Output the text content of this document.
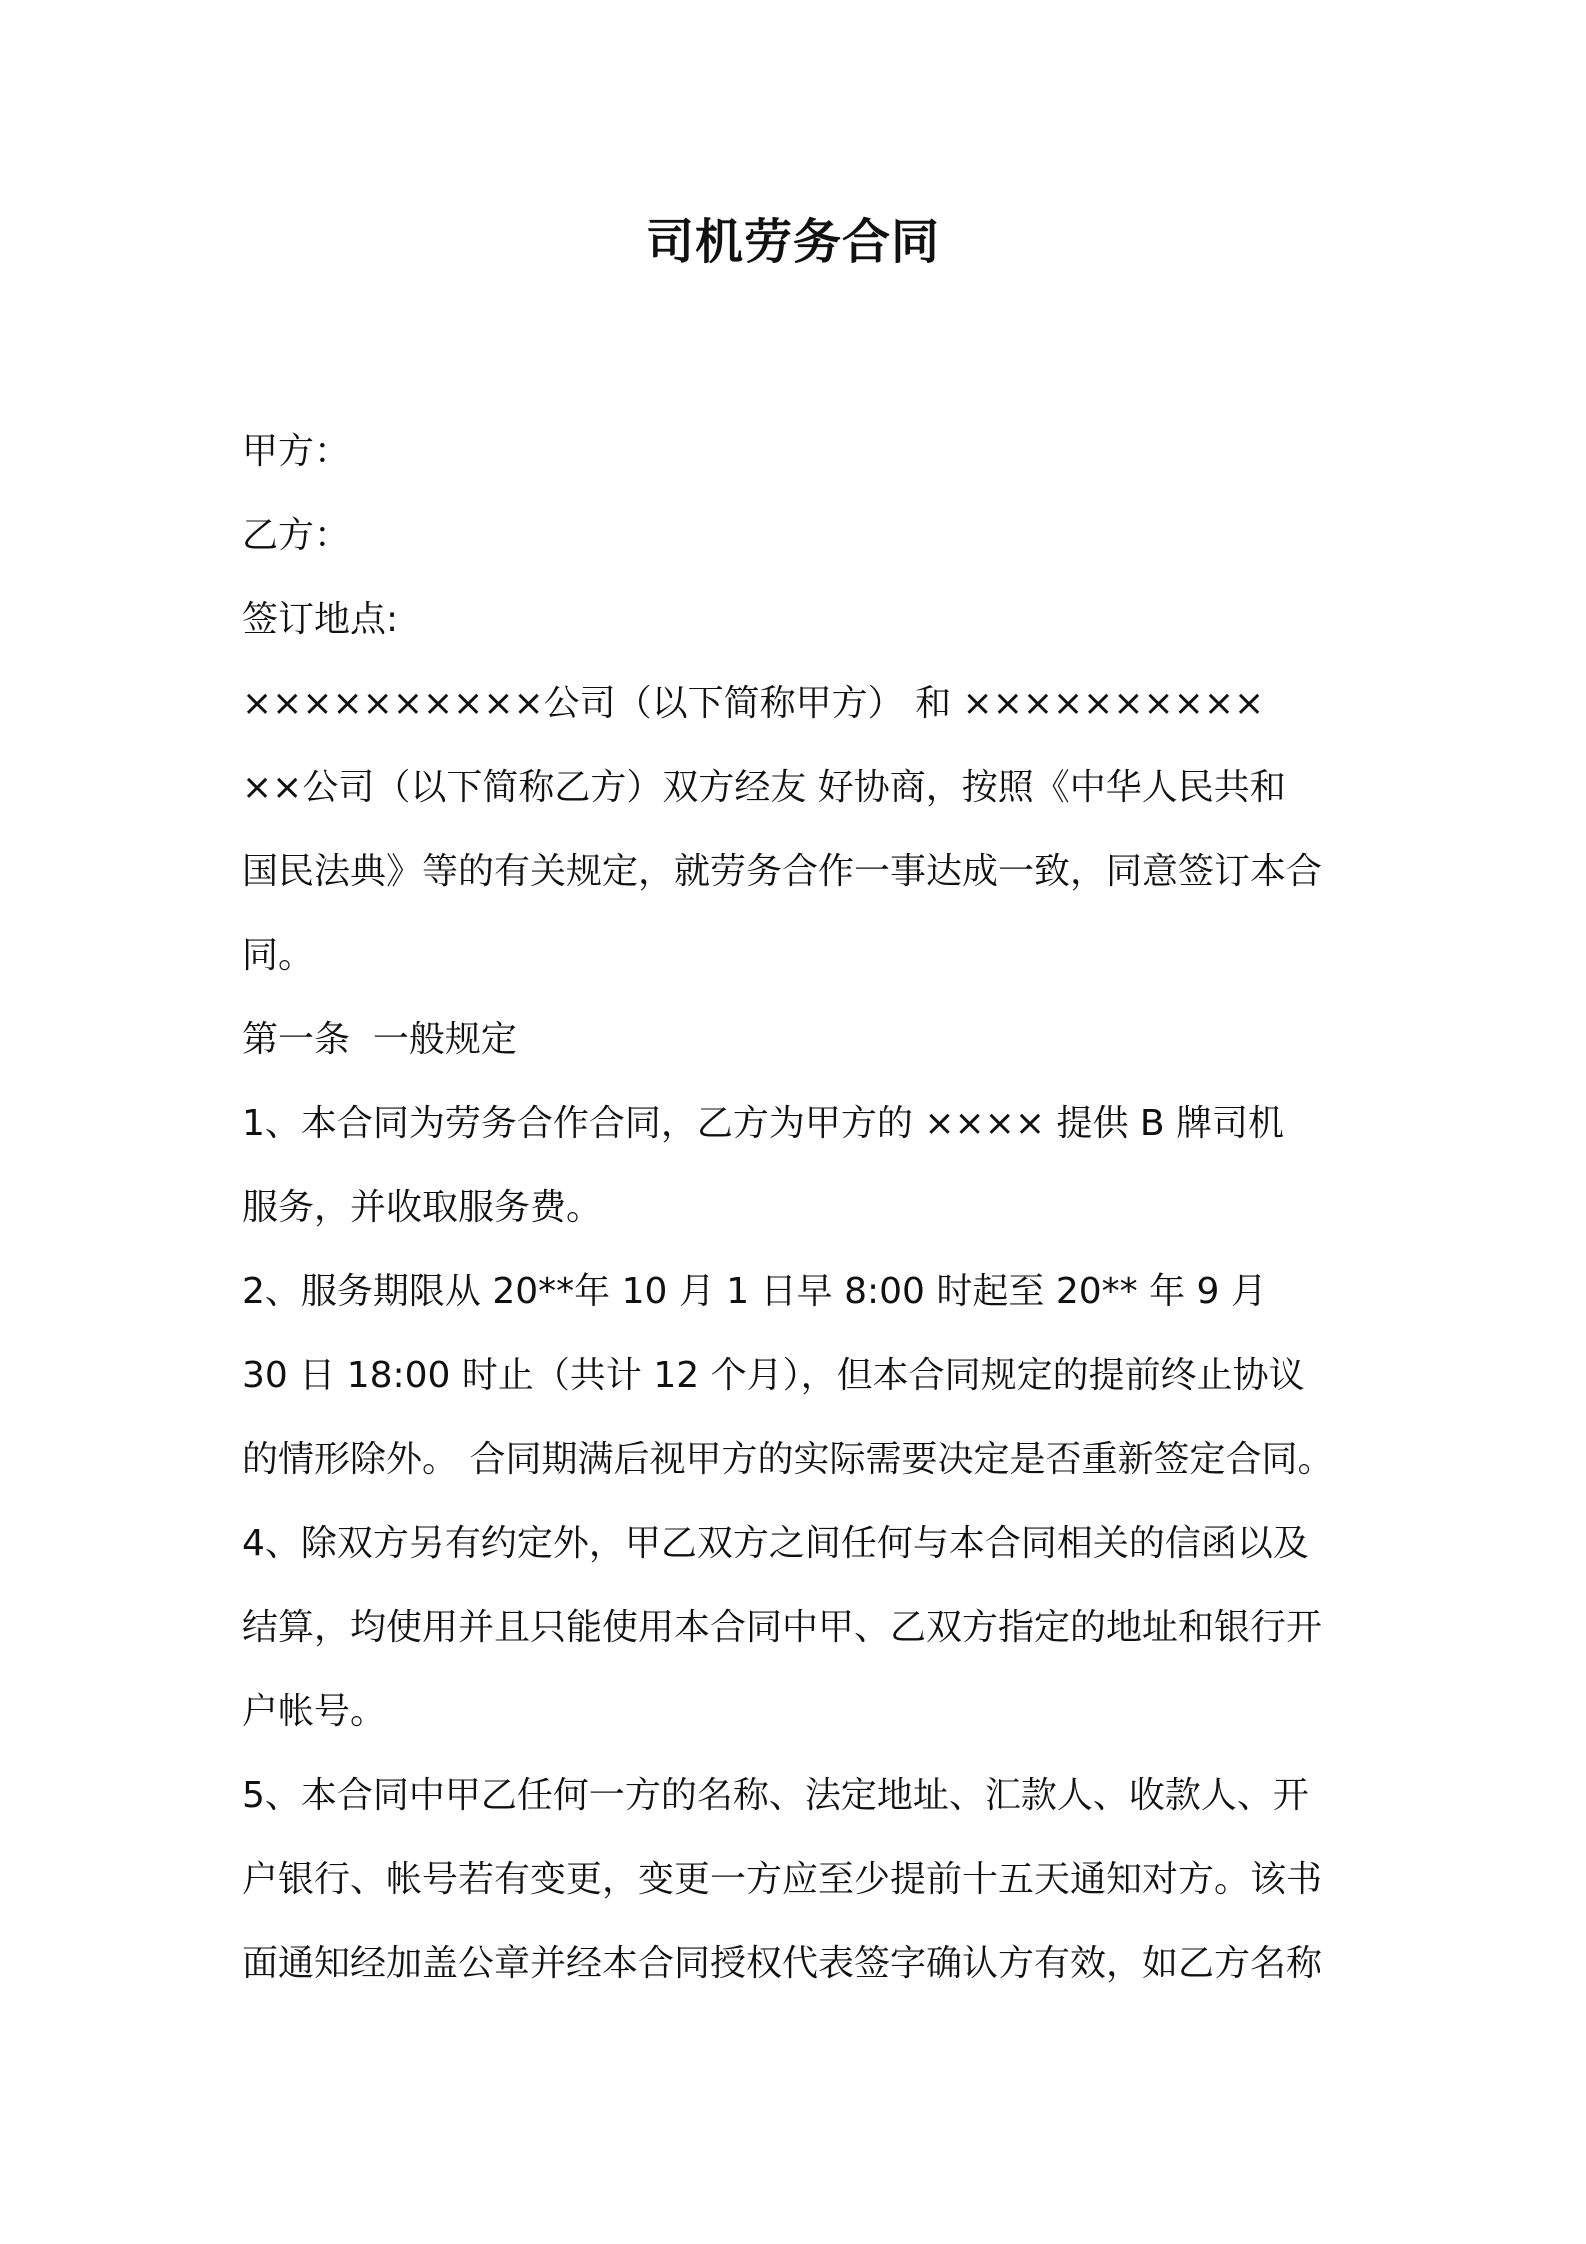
司机劳务合同
甲方：
乙方：
签订地点:
××××××××××公司（以下简称甲方） 和 ××××××××××
××公司（以下简称乙方）双方经友 好协商，按照《中华人民共和
国民法典》等的有关规定，就劳务合作一事达成一致，同意签订本合
同。
第一条  一般规定
1、本合同为劳务合作合同，乙方为甲方的 ×××× 提供 B 牌司机
服务，并收取服务费。
2、服务期限从 20**年 10 月 1 日早 8:00 时起至 20** 年 9 月
30 日 18:00 时止（共计 12 个月），但本合同规定的提前终止协议
的情形除外。 合同期满后视甲方的实际需要决定是否重新签定合同。
4、除双方另有约定外，甲乙双方之间任何与本合同相关的信函以及
结算，均使用并且只能使用本合同中甲、乙双方指定的地址和银行开
户帐号。
5、本合同中甲乙任何一方的名称、法定地址、汇款人、收款人、开
户银行、帐号若有变更，变更一方应至少提前十五天通知对方。该书
面通知经加盖公章并经本合同授权代表签字确认方有效，如乙方名称
